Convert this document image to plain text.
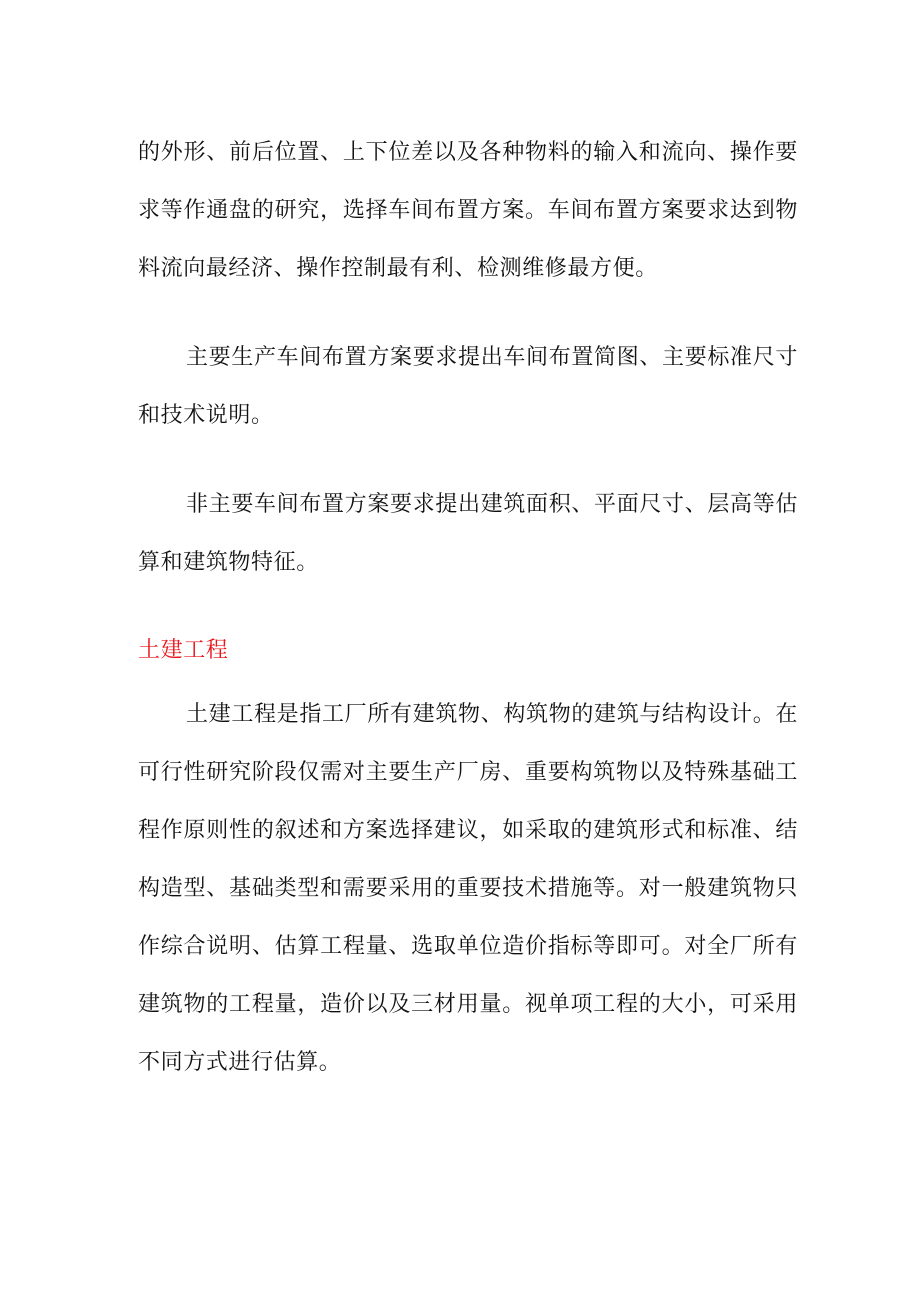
的外形、前后位置、上下位差以及各种物料的输入和流向、操作要求等作通盘的研究，选择车间布置方案。车间布置方案要求达到物料流向最经济、操作控制最有利、检测维修最方便。

主要生产车间布置方案要求提出车间布置简图、主要标准尺寸和技术说明。

非主要车间布置方案要求提出建筑面积、平面尺寸、层高等估算和建筑物特征。

土建工程

土建工程是指工厂所有建筑物、构筑物的建筑与结构设计。在可行性研究阶段仅需对主要生产厂房、重要构筑物以及特殊基础工程作原则性的叙述和方案选择建议，如采取的建筑形式和标准、结构造型、基础类型和需要采用的重要技术措施等。对一般建筑物只作综合说明、估算工程量、选取单位造价指标等即可。对全厂所有建筑物的工程量，造价以及三材用量。视单项工程的大小，可采用不同方式进行估算。
